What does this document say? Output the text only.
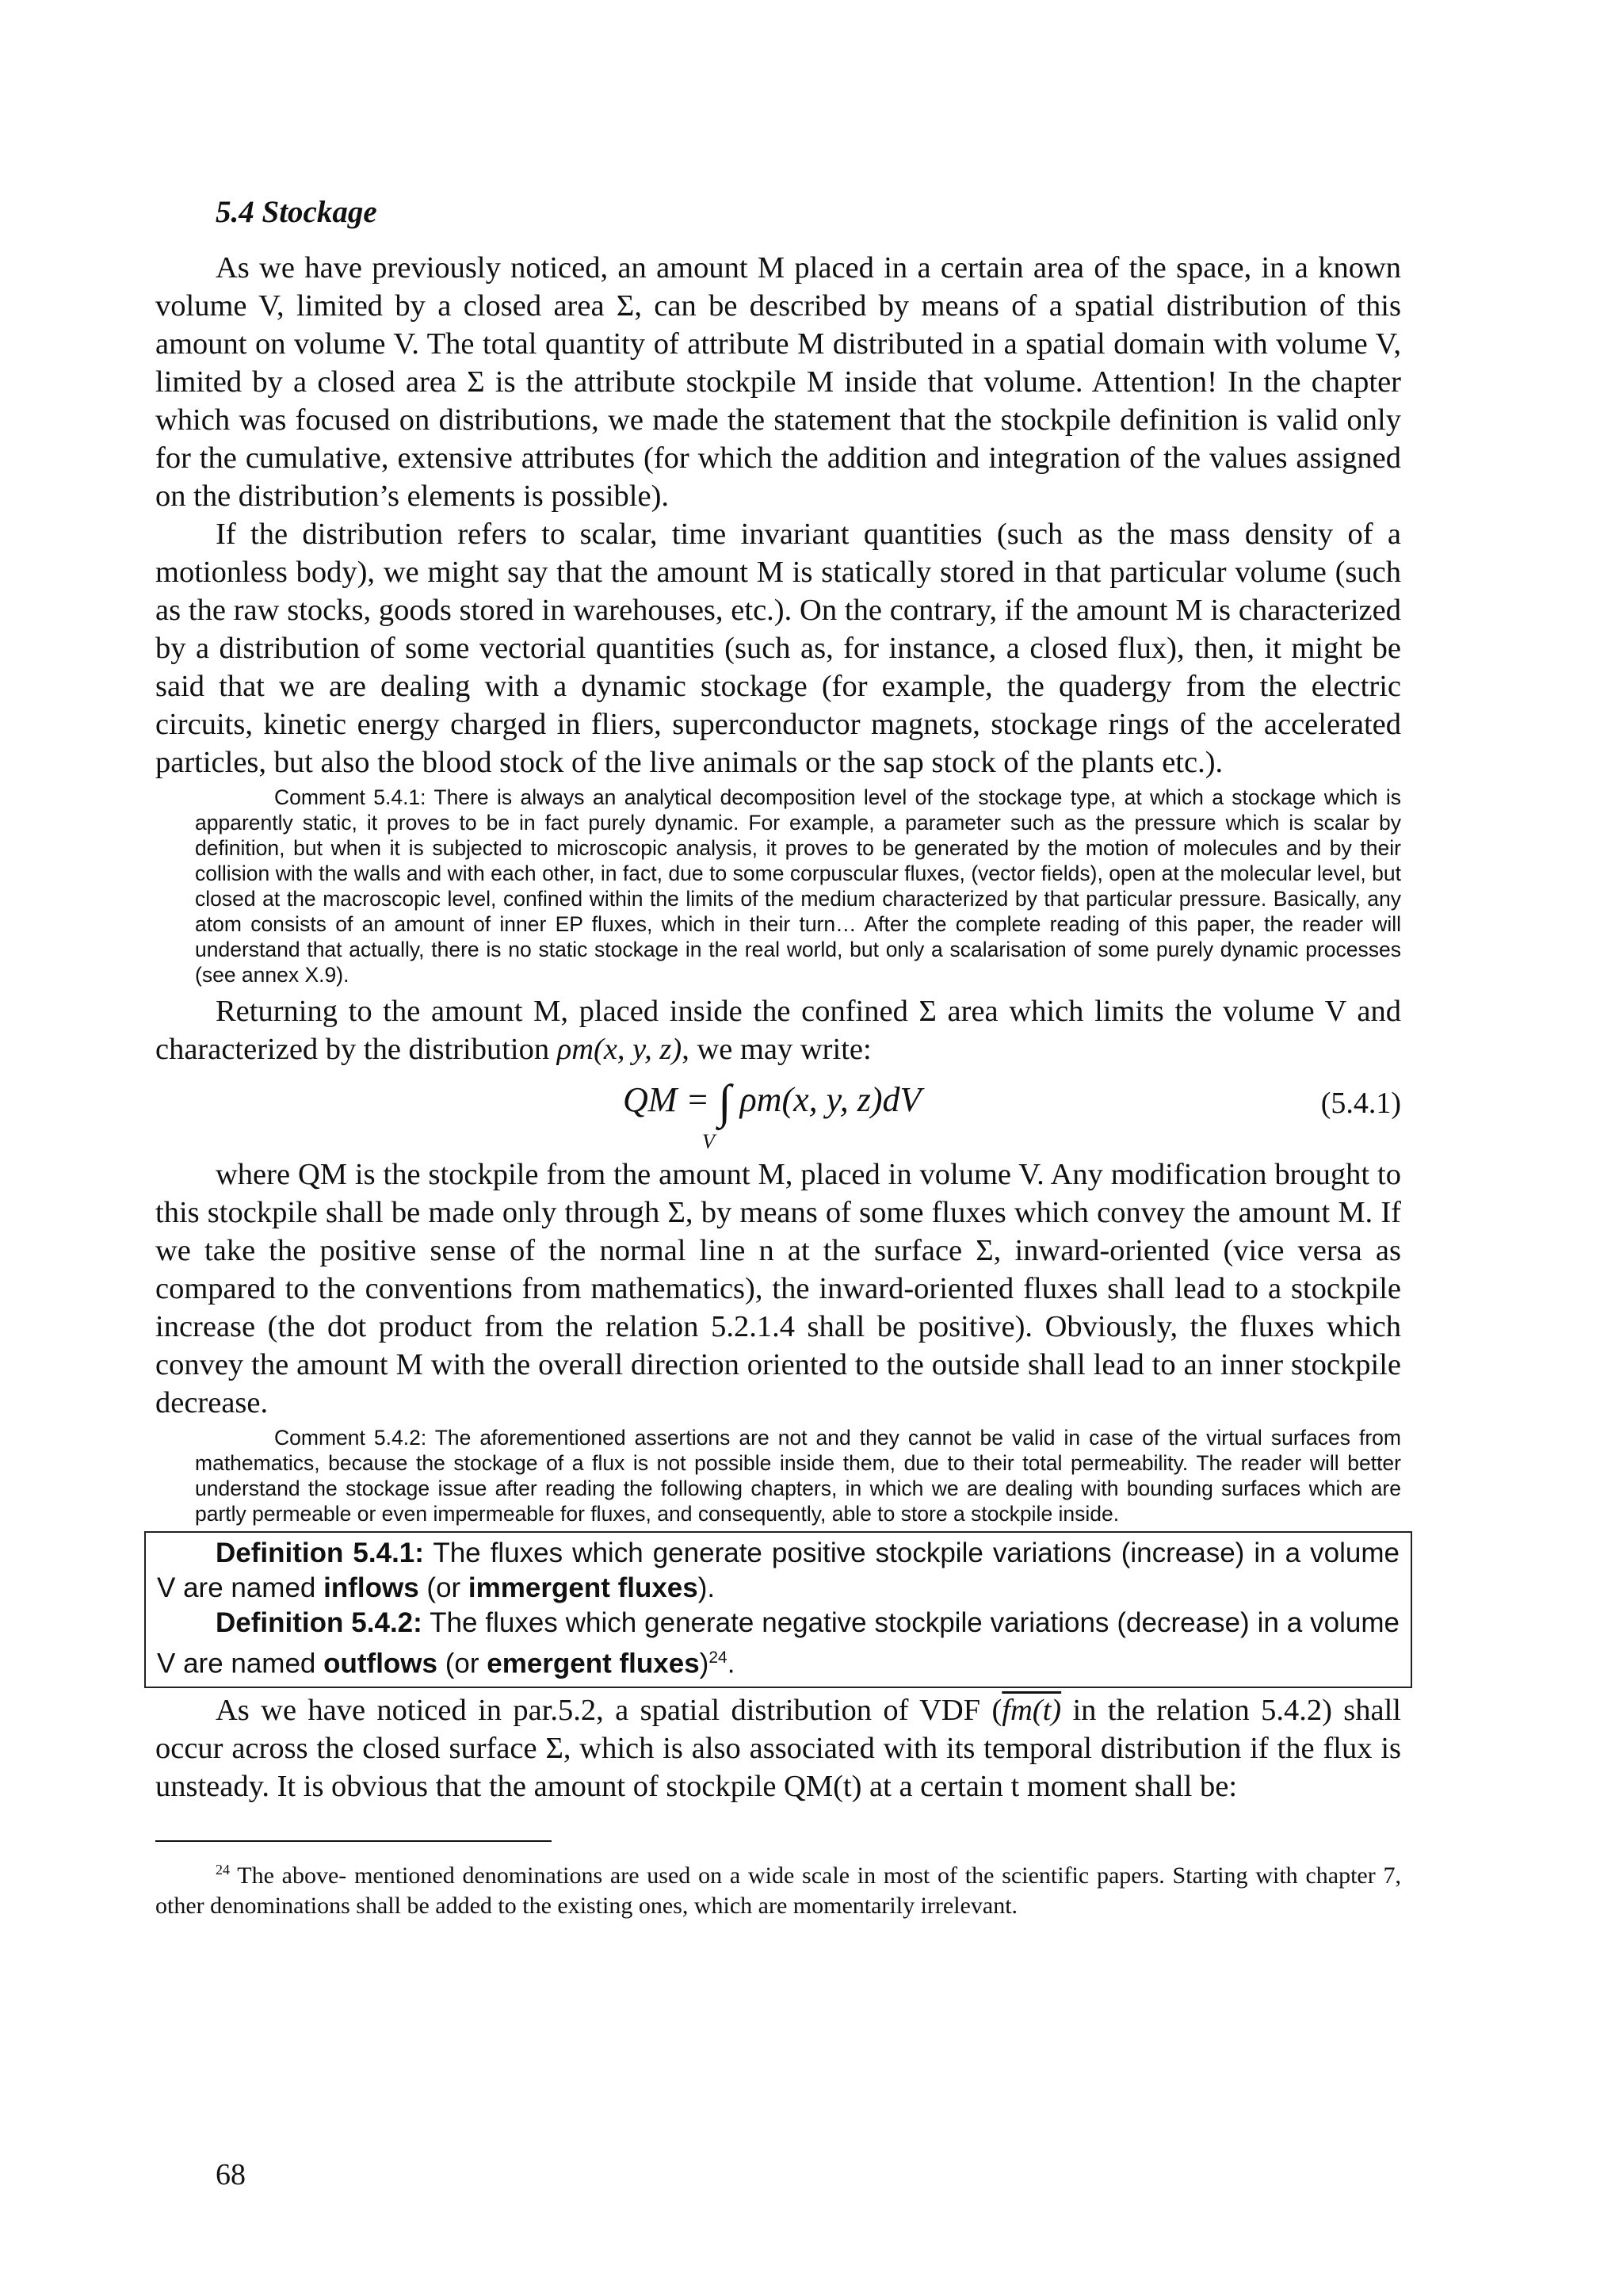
5.4 Stockage

As we have previously noticed, an amount M placed in a certain area of the space, in a known volume V, limited by a closed area Σ, can be described by means of a spatial distribution of this amount on volume V. The total quantity of attribute M distributed in a spatial domain with volume V, limited by a closed area Σ is the attribute stockpile M inside that volume. Attention! In the chapter which was focused on distributions, we made the statement that the stockpile definition is valid only for the cumulative, extensive attributes (for which the addition and integration of the values assigned on the distribution’s elements is possible).

If the distribution refers to scalar, time invariant quantities (such as the mass density of a motionless body), we might say that the amount M is statically stored in that particular volume (such as the raw stocks, goods stored in warehouses, etc.). On the contrary, if the amount M is characterized by a distribution of some vectorial quantities (such as, for instance, a closed flux), then, it might be said that we are dealing with a dynamic stockage (for example, the quadergy from the electric circuits, kinetic energy charged in fliers, superconductor magnets, stockage rings of the accelerated particles, but also the blood stock of the live animals or the sap stock of the plants etc.).

Comment 5.4.1: There is always an analytical decomposition level of the stockage type, at which a stockage which is apparently static, it proves to be in fact purely dynamic. For example, a parameter such as the pressure which is scalar by definition, but when it is subjected to microscopic analysis, it proves to be generated by the motion of molecules and by their collision with the walls and with each other, in fact, due to some corpuscular fluxes, (vector fields), open at the molecular level, but closed at the macroscopic level, confined within the limits of the medium characterized by that particular pressure. Basically, any atom consists of an amount of inner EP fluxes, which in their turn… After the complete reading of this paper, the reader will understand that actually, there is no static stockage in the real world, but only a scalarisation of some purely dynamic processes (see annex X.9).

Returning to the amount M, placed inside the confined Σ area which limits the volume V and characterized by the distribution ρm(x, y, z), we may write:

QM = ∫ ρm(x, y, z)dV
V
(5.4.1)

where QM is the stockpile from the amount M, placed in volume V. Any modification brought to this stockpile shall be made only through Σ, by means of some fluxes which convey the amount M. If we take the positive sense of the normal line n at the surface Σ, inward-oriented (vice versa as compared to the conventions from mathematics), the inward-oriented fluxes shall lead to a stockpile increase (the dot product from the relation 5.2.1.4 shall be positive). Obviously, the fluxes which convey the amount M with the overall direction oriented to the outside shall lead to an inner stockpile decrease.

Comment 5.4.2: The aforementioned assertions are not and they cannot be valid in case of the virtual surfaces from mathematics, because the stockage of a flux is not possible inside them, due to their total permeability. The reader will better understand the stockage issue after reading the following chapters, in which we are dealing with bounding surfaces which are partly permeable or even impermeable for fluxes, and consequently, able to store a stockpile inside.

Definition 5.4.1: The fluxes which generate positive stockpile variations (increase) in a volume V are named inflows (or immergent fluxes).

Definition 5.4.2: The fluxes which generate negative stockpile variations (decrease) in a volume V are named outflows (or emergent fluxes)$^{24}$.

As we have noticed in par.5.2, a spatial distribution of VDF (fm(t) in the relation 5.4.2) shall occur across the closed surface Σ, which is also associated with its temporal distribution if the flux is unsteady. It is obvious that the amount of stockpile QM(t) at a certain t moment shall be:

$^{24}$ The above- mentioned denominations are used on a wide scale in most of the scientific papers. Starting with chapter 7, other denominations shall be added to the existing ones, which are momentarily irrelevant.

68
